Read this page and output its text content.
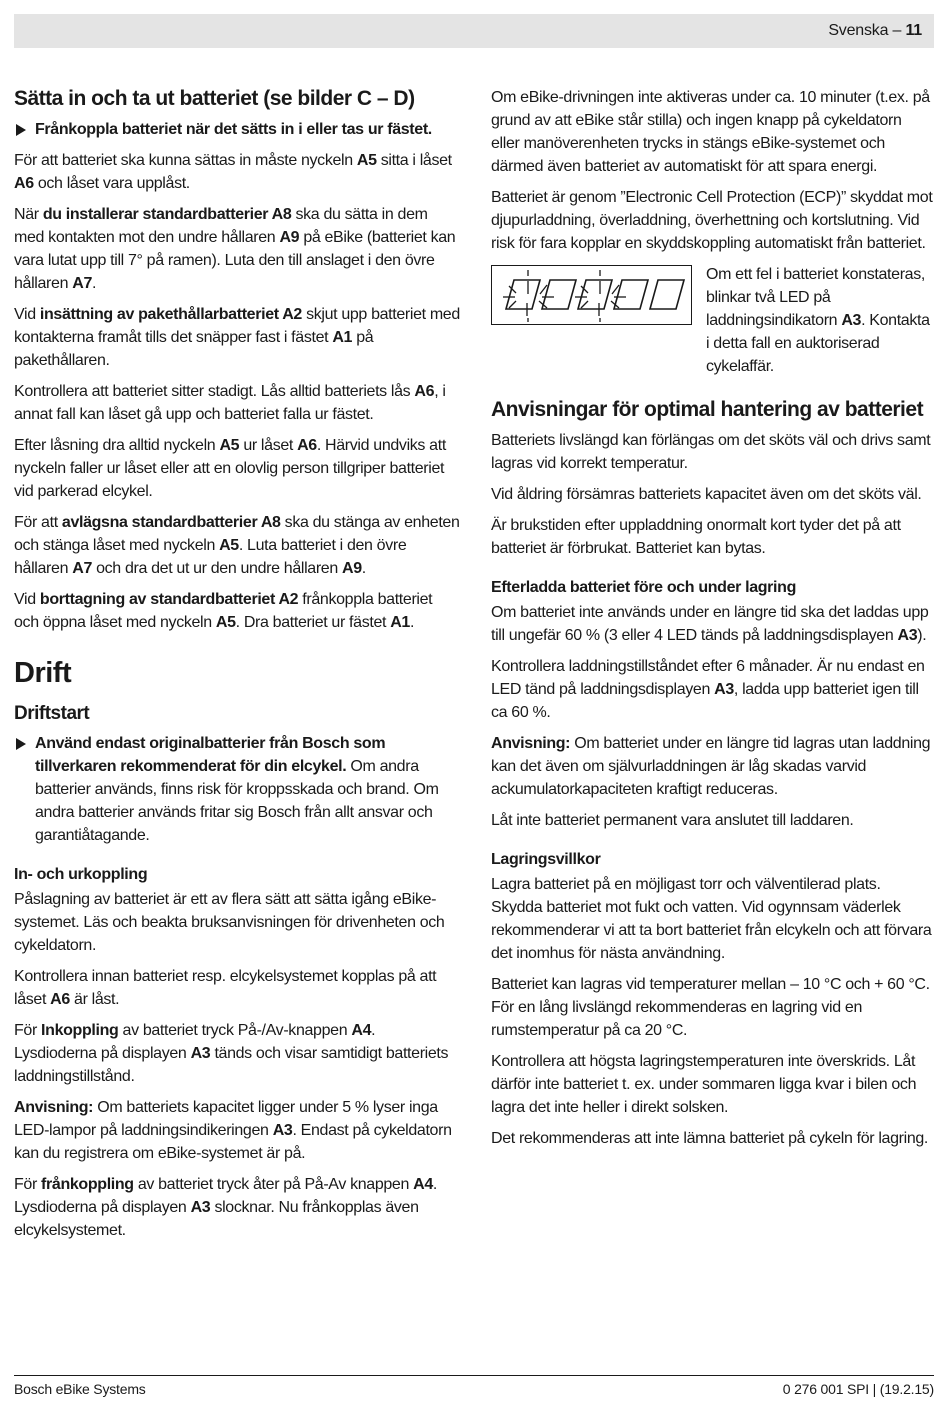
Svenska – 11
Sätta in och ta ut batteriet (se bilder C – D)
Frånkoppla batteriet när det sätts in i eller tas ur fästet.

För att batteriet ska kunna sättas in måste nyckeln A5 sitta i låset A6 och låset vara upplåst.

När du installerar standardbatterier A8 ska du sätta in dem med kontakten mot den undre hållaren A9 på eBike (batteriet kan vara lutat upp till 7° på ramen). Luta den till anslaget i den övre hållaren A7.

Vid insättning av pakethållarbatteriet A2 skjut upp batteriet med kontakterna framåt tills det snäpper fast i fästet A1 på pakethållaren.

Kontrollera att batteriet sitter stadigt. Lås alltid batteriets lås A6, i annat fall kan låset gå upp och batteriet falla ur fästet.

Efter låsning dra alltid nyckeln A5 ur låset A6. Härvid undviks att nyckeln faller ur låset eller att en olovlig person tillgriper batteriet vid parkerad elcykel.

För att avlägsna standardbatterier A8 ska du stänga av enheten och stänga låset med nyckeln A5. Luta batteriet i den övre hållaren A7 och dra det ut ur den undre hållaren A9.

Vid borttagning av standardbatteriet A2 frånkoppla batteriet och öppna låset med nyckeln A5. Dra batteriet ur fästet A1.

Drift
Driftstart
Använd endast originalbatterier från Bosch som tillverkaren rekommenderat för din elcykel. Om andra batterier används, finns risk för kroppsskada och brand. Om andra batterier används fritar sig Bosch från allt ansvar och garantiåtagande.
In- och urkoppling

Påslagning av batteriet är ett av flera sätt att sätta igång eBike-systemet. Läs och beakta bruksanvisningen för drivenheten och cykeldatorn.

Kontrollera innan batteriet resp. elcykelsystemet kopplas på att låset A6 är låst.

För Inkoppling av batteriet tryck På-/Av-knappen A4. Lysdioderna på displayen A3 tänds och visar samtidigt batteriets laddningstillstånd.

Anvisning: Om batteriets kapacitet ligger under 5 % lyser inga LED-lampor på laddningsindikeringen A3. Endast på cykeldatorn kan du registrera om eBike-systemet är på.

För frånkoppling av batteriet tryck åter på På-Av knappen A4. Lysdioderna på displayen A3 slocknar. Nu frånkopplas även elcykelsystemet.

Om eBike-drivningen inte aktiveras under ca. 10 minuter (t.ex. på grund av att eBike står stilla) och ingen knapp på cykeldatorn eller manöverenheten trycks in stängs eBike-systemet och därmed även batteriet av automatiskt för att spara energi.

Batteriet är genom ”Electronic Cell Protection (ECP)” skyddat mot djupurladdning, överladdning, överhettning och kortslutning. Vid risk för fara kopplar en skyddskoppling automatiskt från batteriet.

Om ett fel i batteriet konstateras, blinkar två LED på laddningsindikatorn A3. Kontakta i detta fall en auktoriserad cykelaffär.
Anvisningar för optimal hantering av batteriet

Batteriets livslängd kan förlängas om det sköts väl och drivs samt lagras vid korrekt temperatur.

Vid åldring försämras batteriets kapacitet även om det sköts väl.

Är brukstiden efter uppladdning onormalt kort tyder det på att batteriet är förbrukat. Batteriet kan bytas.

Efterladda batteriet före och under lagring

Om batteriet inte används under en längre tid ska det laddas upp till ungefär 60 % (3 eller 4 LED tänds på laddningsdisplayen A3).

Kontrollera laddningstillståndet efter 6 månader. Är nu endast en LED tänd på laddningsdisplayen A3, ladda upp batteriet igen till ca 60 %.

Anvisning: Om batteriet under en längre tid lagras utan laddning kan det även om självurladdningen är låg skadas varvid ackumulatorkapaciteten kraftigt reduceras.

Låt inte batteriet permanent vara anslutet till laddaren.

Lagringsvillkor

Lagra batteriet på en möjligast torr och välventilerad plats. Skydda batteriet mot fukt och vatten. Vid ogynnsam väderlek rekommenderar vi att ta bort batteriet från elcykeln och att förvara det inomhus för nästa användning.

Batteriet kan lagras vid temperaturer mellan – 10 °C och + 60 °C. För en lång livslängd rekommenderas en lagring vid en rumstemperatur på ca 20 °C.

Kontrollera att högsta lagringstemperaturen inte överskrids. Låt därför inte batteriet t. ex. under sommaren ligga kvar i bilen och lagra det inte heller i direkt solsken.

Det rekommenderas att inte lämna batteriet på cykeln för lagring.

Bosch eBike Systems	0 276 001 SPI | (19.2.15)
